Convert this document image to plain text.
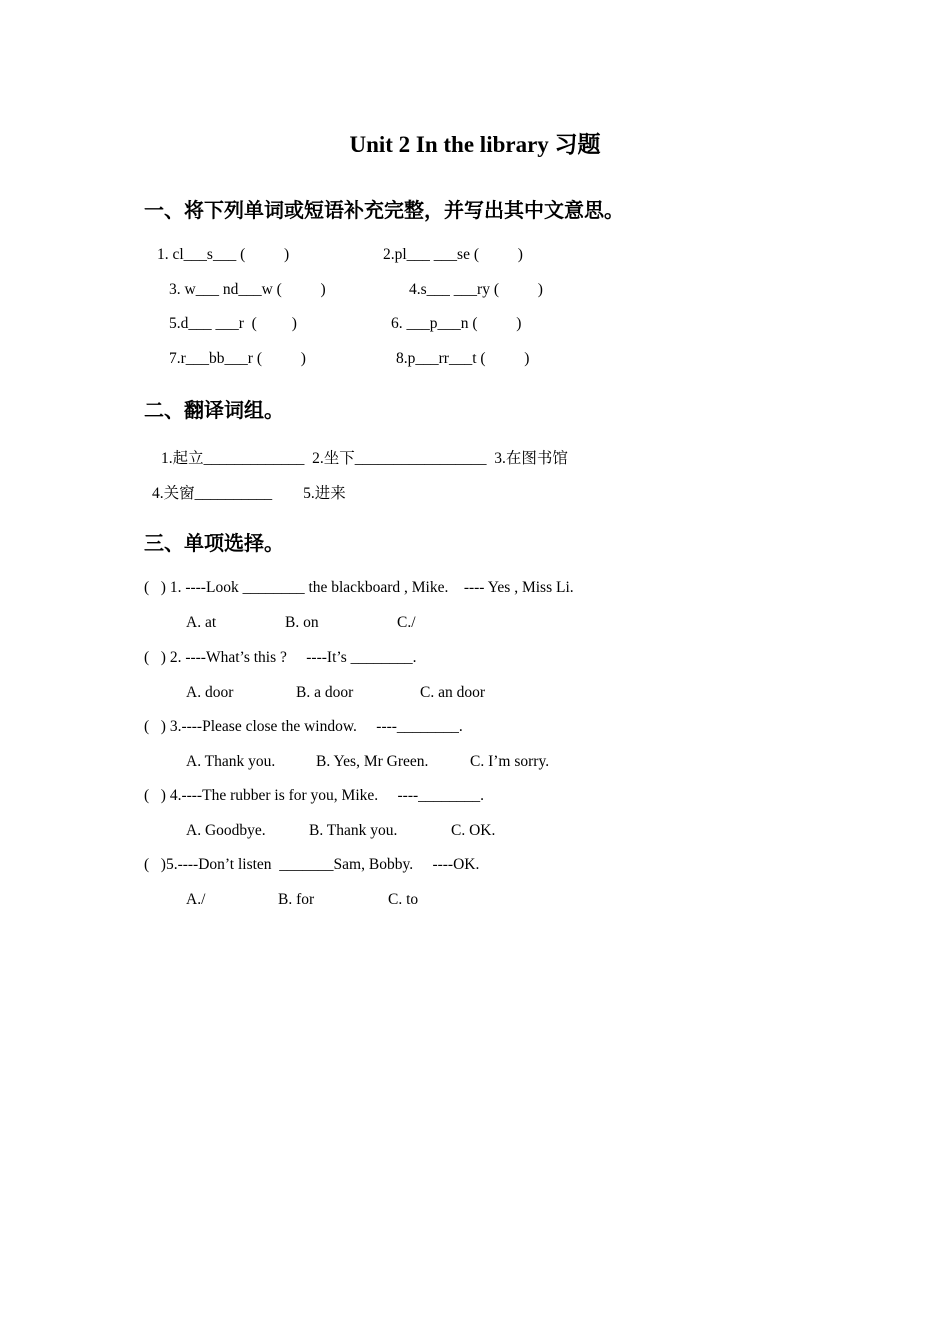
Unit 2 In the library 习题
一、将下列单词或短语补充完整，并写出其中文意思。
1. cl___s___ (          )	2.pl___ ___se (          )
3. w___ nd___w (          )	4.s___ ___ry (          )
5.d___ ___r  (         )	6. ___p___n (          )
7.r___bb___r (          )	8.p___rr___t (          )
二、翻译词组。
1.起立_____________  2.坐下_________________  3.在图书馆
4.关窗__________        5.进来
三、单项选择。
(   ) 1. ----Look ________ the blackboard , Mike.    ---- Yes , Miss Li.
A. at	B. on	C./
(   ) 2. ----What’s this ?     ----It’s ________.
A. door	B. a door	C. an door
(   ) 3.----Please close the window.     ----________.
A. Thank you.	B. Yes, Mr Green.	C. I’m sorry.
(   ) 4.----The rubber is for you, Mike.     ----________.
A. Goodbye.	B. Thank you.	C. OK.
(   )5.----Don’t listen  _______Sam, Bobby.     ----OK.
A./	B. for	C. to
